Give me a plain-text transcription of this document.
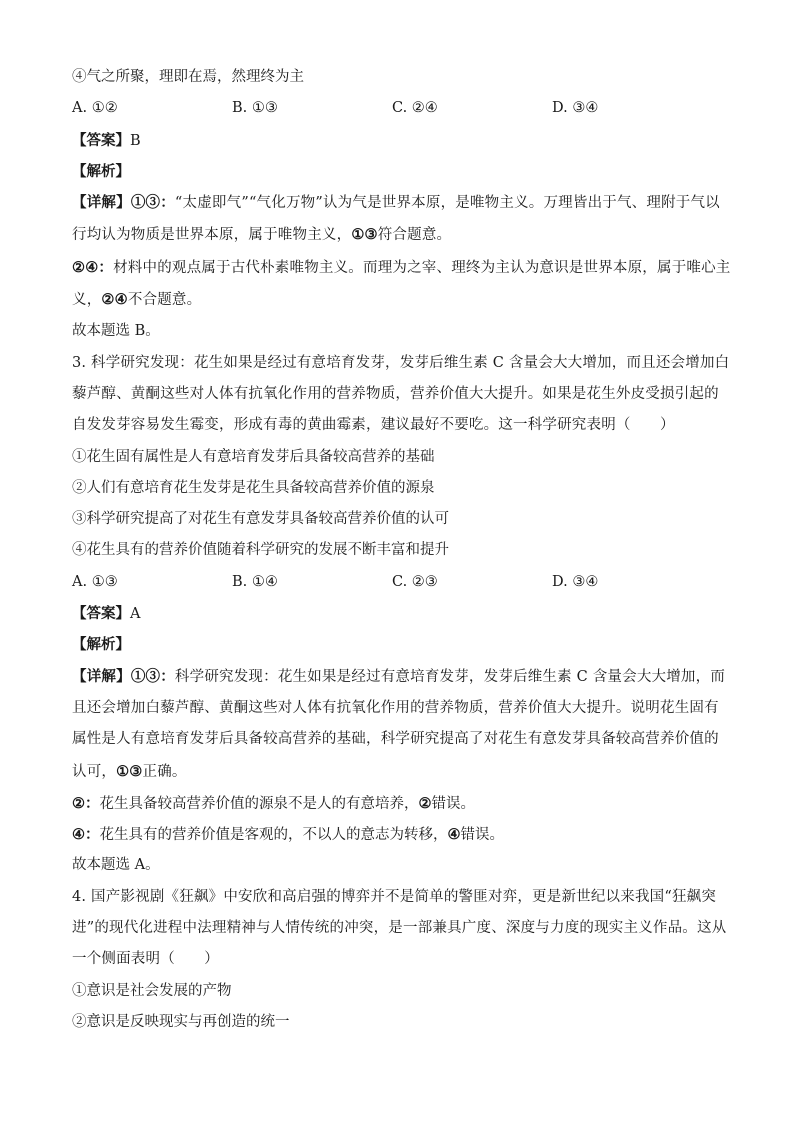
④气之所聚，理即在焉，然理终为主
A. ①②	B. ①③	C. ②④	D. ③④
【答案】B
【解析】
【详解】①③：“太虚即气”“气化万物”认为气是世界本原，是唯物主义。万理皆出于气、理附于气以行均认为物质是世界本原，属于唯物主义，①③符合题意。
②④：材料中的观点属于古代朴素唯物主义。而理为之宰、理终为主认为意识是世界本原，属于唯心主义，②④不合题意。
故本题选 B。
3. 科学研究发现：花生如果是经过有意培育发芽，发芽后维生素 C 含量会大大增加，而且还会增加白藜芦醇、黄酮这些对人体有抗氧化作用的营养物质，营养价值大大提升。如果是花生外皮受损引起的自发发芽容易发生霉变，形成有毒的黄曲霉素，建议最好不要吃。这一科学研究表明（　　）
①花生固有属性是人有意培育发芽后具备较高营养的基础
②人们有意培育花生发芽是花生具备较高营养价值的源泉
③科学研究提高了对花生有意发芽具备较高营养价值的认可
④花生具有的营养价值随着科学研究的发展不断丰富和提升
A. ①③	B. ①④	C. ②③	D. ③④
【答案】A
【解析】
【详解】①③：科学研究发现：花生如果是经过有意培育发芽，发芽后维生素 C 含量会大大增加，而且还会增加白藜芦醇、黄酮这些对人体有抗氧化作用的营养物质，营养价值大大提升。说明花生固有属性是人有意培育发芽后具备较高营养的基础，科学研究提高了对花生有意发芽具备较高营养价值的认可，①③正确。
②：花生具备较高营养价值的源泉不是人的有意培养，②错误。
④：花生具有的营养价值是客观的，不以人的意志为转移，④错误。
故本题选 A。
4. 国产影视剧《狂飙》中安欣和高启强的博弈并不是简单的警匪对弈，更是新世纪以来我国“狂飙突进”的现代化进程中法理精神与人情传统的冲突，是一部兼具广度、深度与力度的现实主义作品。这从一个侧面表明（　　）
①意识是社会发展的产物
②意识是反映现实与再创造的统一
